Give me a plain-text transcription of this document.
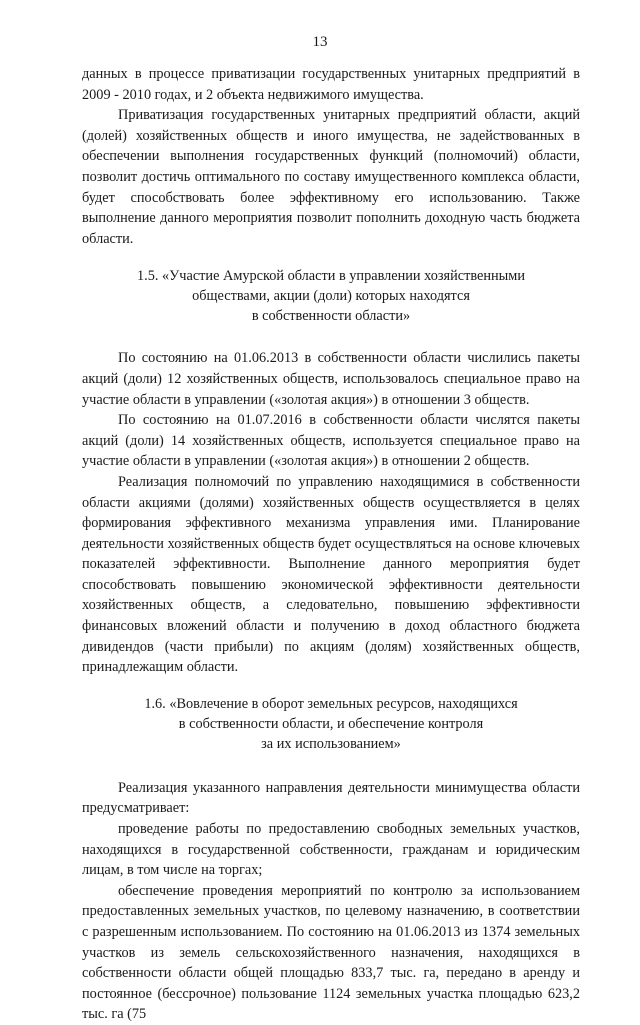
13

данных в процессе приватизации государственных унитарных предприятий в 2009 - 2010 годах, и 2 объекта недвижимого имущества.

Приватизация государственных унитарных предприятий области, акций (долей) хозяйственных обществ и иного имущества, не задействованных в обеспечении выполнения государственных функций (полномочий) области, позволит достичь оптимального по составу имущественного комплекса области, будет способствовать более эффективному его использованию. Также выполнение данного мероприятия позволит пополнить доходную часть бюджета области.

1.5. «Участие Амурской области в управлении хозяйственными
обществами, акции (доли) которых находятся
в собственности области»

По состоянию на 01.06.2013 в собственности области числились пакеты акций (доли) 12 хозяйственных обществ, использовалось специальное право на участие области в управлении («золотая акция») в отношении 3 обществ.

По состоянию на 01.07.2016 в собственности области числятся пакеты акций (доли) 14 хозяйственных обществ, используется специальное право на участие области в управлении («золотая акция») в отношении 2 обществ.

Реализация полномочий по управлению находящимися в собственности области акциями (долями) хозяйственных обществ осуществляется в целях формирования эффективного механизма управления ими. Планирование деятельности хозяйственных обществ будет осуществляться на основе ключевых показателей эффективности. Выполнение данного мероприятия будет способствовать повышению экономической эффективности деятельности хозяйственных обществ, а следовательно, повышению эффективности финансовых вложений области и получению в доход областного бюджета дивидендов (части прибыли) по акциям (долям) хозяйственных обществ, принадлежащим области.

1.6. «Вовлечение в оборот земельных ресурсов, находящихся
в собственности области, и обеспечение контроля
за их использованием»

Реализация указанного направления деятельности минимущества области предусматривает:

проведение работы по предоставлению свободных земельных участков, находящихся в государственной собственности, гражданам и юридическим лицам, в том числе на торгах;

обеспечение проведения мероприятий по контролю за использованием предоставленных земельных участков, по целевому назначению, в соответствии с разрешенным использованием. По состоянию на 01.06.2013 из 1374 земельных участков из земель сельскохозяйственного назначения, находящихся в собственности области общей площадью 833,7 тыс. га, передано в аренду и постоянное (бессрочное) пользование 1124 земельных участка площадью 623,2 тыс. га (75
